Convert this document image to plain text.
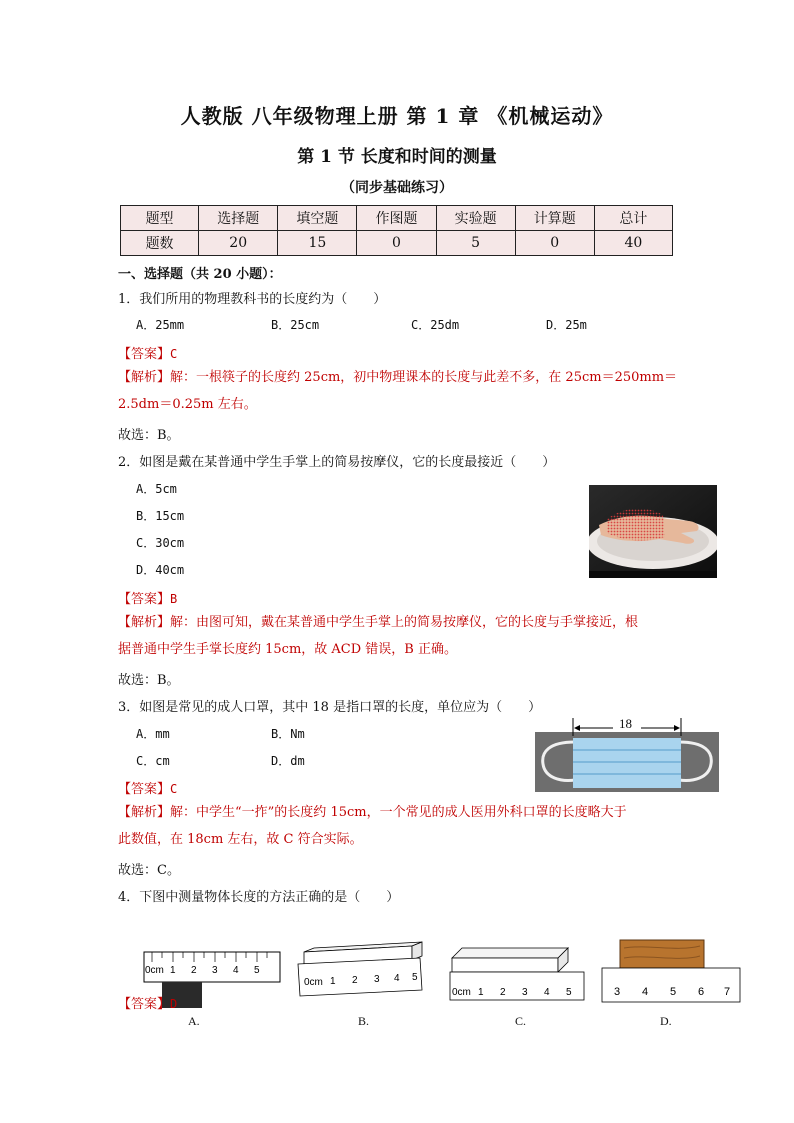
人教版 八年级物理上册 第 1 章 《机械运动》
第 1 节 长度和时间的测量
（同步基础练习）
题型	选择题	填空题	作图题	实验题	计算题	总计
题数	20	15	0	5	0	40
一、选择题（共 20 小题）：
1．我们所用的物理教科书的长度约为（　　）
A．25mm	B．25cm	C．25dm	D．25m
【答案】C
【解析】解：一根筷子的长度约 25cm，初中物理课本的长度与此差不多，在 25cm＝250mm＝
2.5dm＝0.25m 左右。
故选：B。
2．如图是戴在某普通中学生手掌上的简易按摩仪，它的长度最接近（　　）
A．5cm
B．15cm
C．30cm
D．40cm
【答案】B
【解析】解：由图可知，戴在某普通中学生手掌上的简易按摩仪，它的长度与手掌接近，根
据普通中学生手掌长度约 15cm，故 ACD 错误，B 正确。
故选：B。
3．如图是常见的成人口罩，其中 18 是指口罩的长度，单位应为（　　）
A．mm	B．Nm
C．cm	D．dm
18
【答案】C
【解析】解：中学生“一拃”的长度约 15cm，一个常见的成人医用外科口罩的长度略大于
此数值，在 18cm 左右，故 C 符合实际。
故选：C。
4．下图中测量物体长度的方法正确的是（　　）
0cm 1 2 3 4 5
0cm 1 2 3 4 5
0cm 1 2 3 4 5	3 4 5 6 7
A.	B.	C.	D.
【答案】D
